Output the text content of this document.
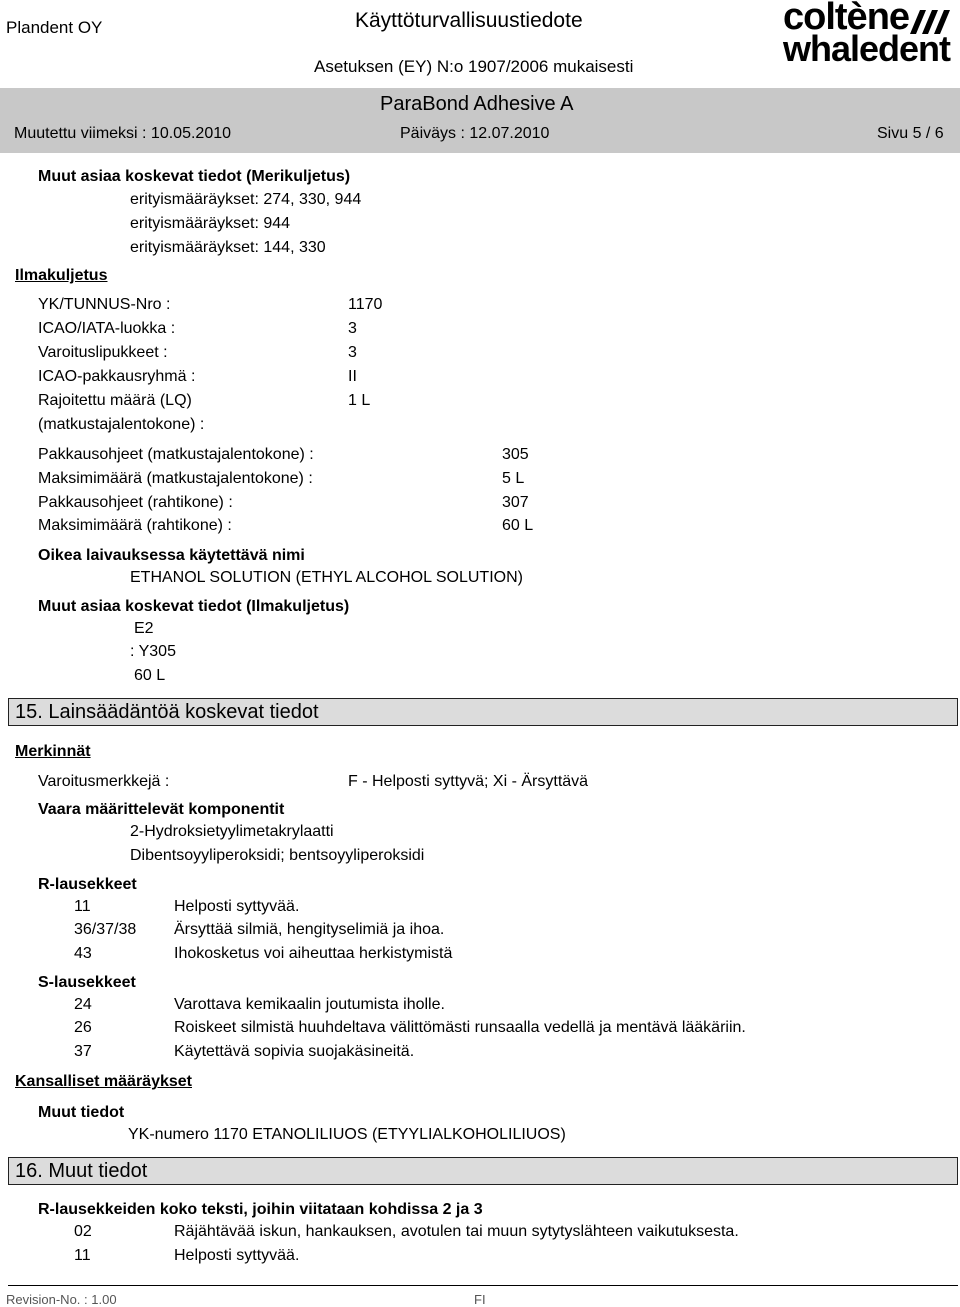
Plandent OY	Käyttöturvallisuustiedote
Asetuksen (EY) N:o 1907/2006 mukaisesti
ParaBond Adhesive A
Muutettu viimeksi : 10.05.2010	Päiväys : 12.07.2010	Sivu 5 / 6
coltène
whaledent
Muut asiaa koskevat tiedot (Merikuljetus)
erityismääräykset: 274, 330, 944
erityismääräykset: 944
erityismääräykset: 144, 330
Ilmakuljetus
YK/TUNNUS-Nro :	1170
ICAO/IATA-luokka :	3
Varoituslipukkeet :	3
ICAO-pakkausryhmä :	II
Rajoitettu määrä (LQ)	1 L
(matkustajalentokone) :
Pakkausohjeet (matkustajalentokone) :	305
Maksimimäärä (matkustajalentokone) :	5 L
Pakkausohjeet (rahtikone) :	307
Maksimimäärä (rahtikone) :	60 L
Oikea laivauksessa käytettävä nimi
ETHANOL SOLUTION (ETHYL ALCOHOL SOLUTION)
Muut asiaa koskevat tiedot (Ilmakuljetus)
E2
: Y305
60 L
15. Lainsäädäntöä koskevat tiedot
Merkinnät
Varoitusmerkkejä :	F - Helposti syttyvä; Xi - Ärsyttävä
Vaara määrittelevät komponentit
2-Hydroksietyylimetakrylaatti
Dibentsoyyliperoksidi; bentsoyyliperoksidi
R-lausekkeet
11	Helposti syttyvää.
36/37/38 Ärsyttää silmiä, hengityselimiä ja ihoa.
43	Ihokosketus voi aiheuttaa herkistymistä
S-lausekkeet
24	Varottava kemikaalin joutumista iholle.
26	Roiskeet silmistä huuhdeltava välittömästi runsaalla vedellä ja mentävä lääkäriin.
37	Käytettävä sopivia suojakäsineitä.
Kansalliset määräykset
Muut tiedot
YK-numero 1170 ETANOLILIUOS (ETYYLIALKOHOLILIUOS)
16. Muut tiedot
R-lausekkeiden koko teksti, joihin viitataan kohdissa 2 ja 3
02	Räjähtävää iskun, hankauksen, avotulen tai muun sytytyslähteen vaikutuksesta.
11	Helposti syttyvää.
Revision-No. : 1.00	FI
